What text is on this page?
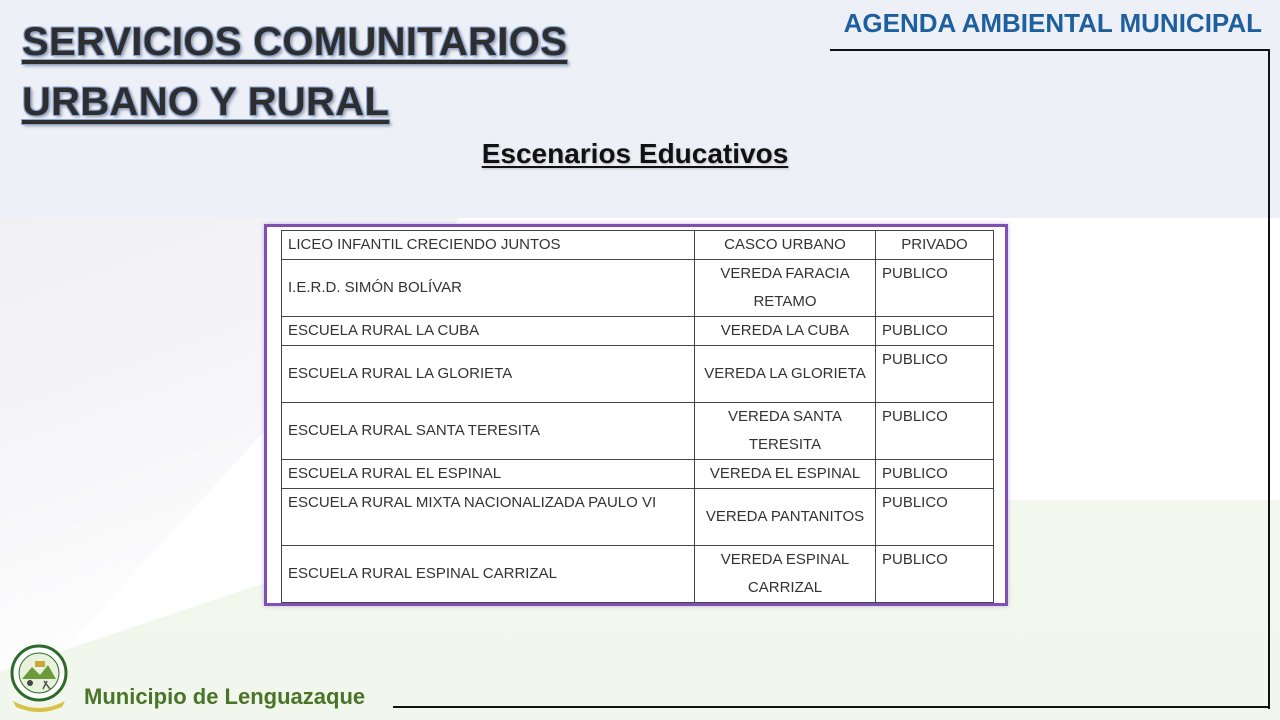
SERVICIOS COMUNITARIOS
URBANO Y RURAL
AGENDA AMBIENTAL MUNICIPAL
Escenarios Educativos
LICEO INFANTIL CRECIENDO JUNTOS	CASCO URBANO	PRIVADO
I.E.R.D. SIMÓN BOLÍVAR	VEREDA FARACIA RETAMO	PUBLICO
ESCUELA RURAL LA CUBA	VEREDA LA CUBA	PUBLICO
ESCUELA RURAL LA GLORIETA	VEREDA LA GLORIETA	PUBLICO
ESCUELA RURAL SANTA TERESITA	VEREDA SANTA TERESITA	PUBLICO
ESCUELA RURAL EL ESPINAL	VEREDA EL ESPINAL	PUBLICO
ESCUELA RURAL MIXTA NACIONALIZADA PAULO VI	VEREDA PANTANITOS	PUBLICO
ESCUELA RURAL ESPINAL CARRIZAL	VEREDA ESPINAL CARRIZAL	PUBLICO
Municipio de Lenguazaque
